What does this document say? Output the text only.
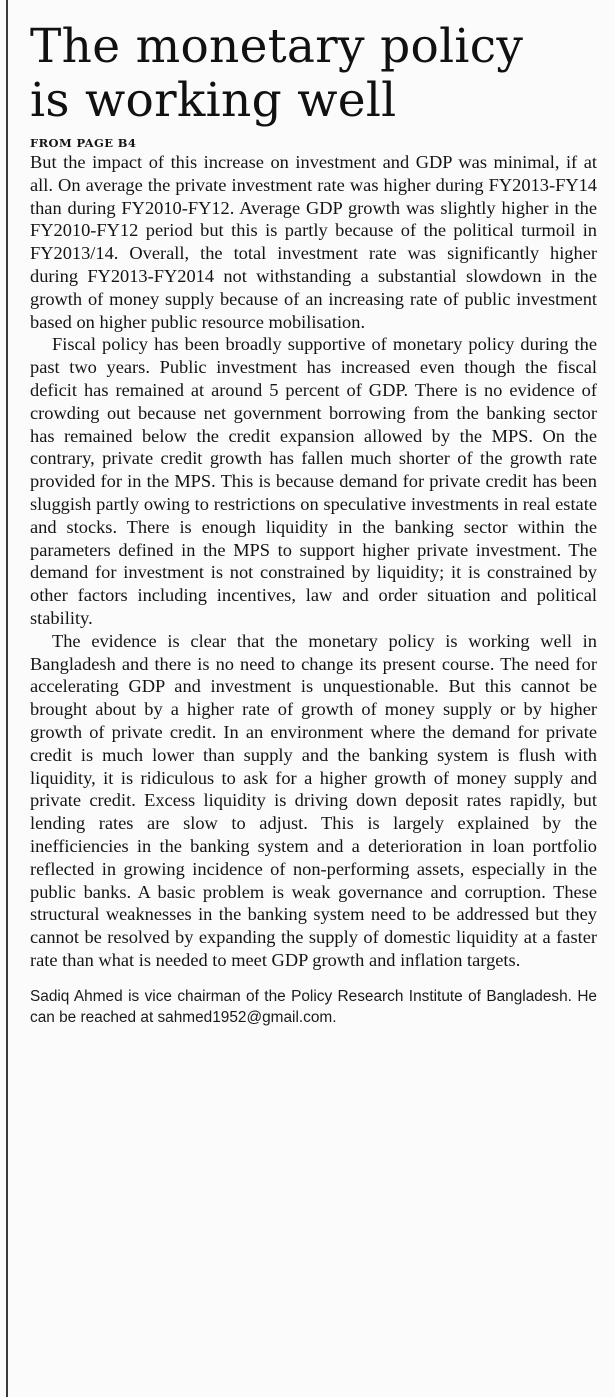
The monetary policy
is working well
FROM PAGE B4

But the impact of this increase on investment and GDP was minimal, if at all. On average the private investment rate was higher during FY2013-FY14 than during FY2010-FY12. Average GDP growth was slightly higher in the FY2010-FY12 period but this is partly because of the political turmoil in FY2013/14. Overall, the total investment rate was significantly higher during FY2013-FY2014 not withstanding a substantial slowdown in the growth of money supply because of an increasing rate of public investment based on higher public resource mobilisation.

Fiscal policy has been broadly supportive of monetary policy during the past two years. Public investment has increased even though the fiscal deficit has remained at around 5 percent of GDP. There is no evidence of crowding out because net government borrowing from the banking sector has remained below the credit expansion allowed by the MPS. On the contrary, private credit growth has fallen much shorter of the growth rate provided for in the MPS. This is because demand for private credit has been sluggish partly owing to restrictions on speculative investments in real estate and stocks. There is enough liquidity in the banking sector within the parameters defined in the MPS to support higher private investment. The demand for investment is not constrained by liquidity; it is constrained by other factors including incentives, law and order situation and political stability.

The evidence is clear that the monetary policy is working well in Bangladesh and there is no need to change its present course. The need for accelerating GDP and investment is unquestionable. But this cannot be brought about by a higher rate of growth of money supply or by higher growth of private credit. In an environment where the demand for private credit is much lower than supply and the banking system is flush with liquidity, it is ridiculous to ask for a higher growth of money supply and private credit. Excess liquidity is driving down deposit rates rapidly, but lending rates are slow to adjust. This is largely explained by the inefficiencies in the banking system and a deterioration in loan portfolio reflected in growing incidence of non-performing assets, especially in the public banks. A basic problem is weak governance and corruption. These structural weaknesses in the banking system need to be addressed but they cannot be resolved by expanding the supply of domestic liquidity at a faster rate than what is needed to meet GDP growth and inflation targets.

Sadiq Ahmed is vice chairman of the Policy Research Institute of Bangladesh. He can be reached at sahmed1952@gmail.com.
